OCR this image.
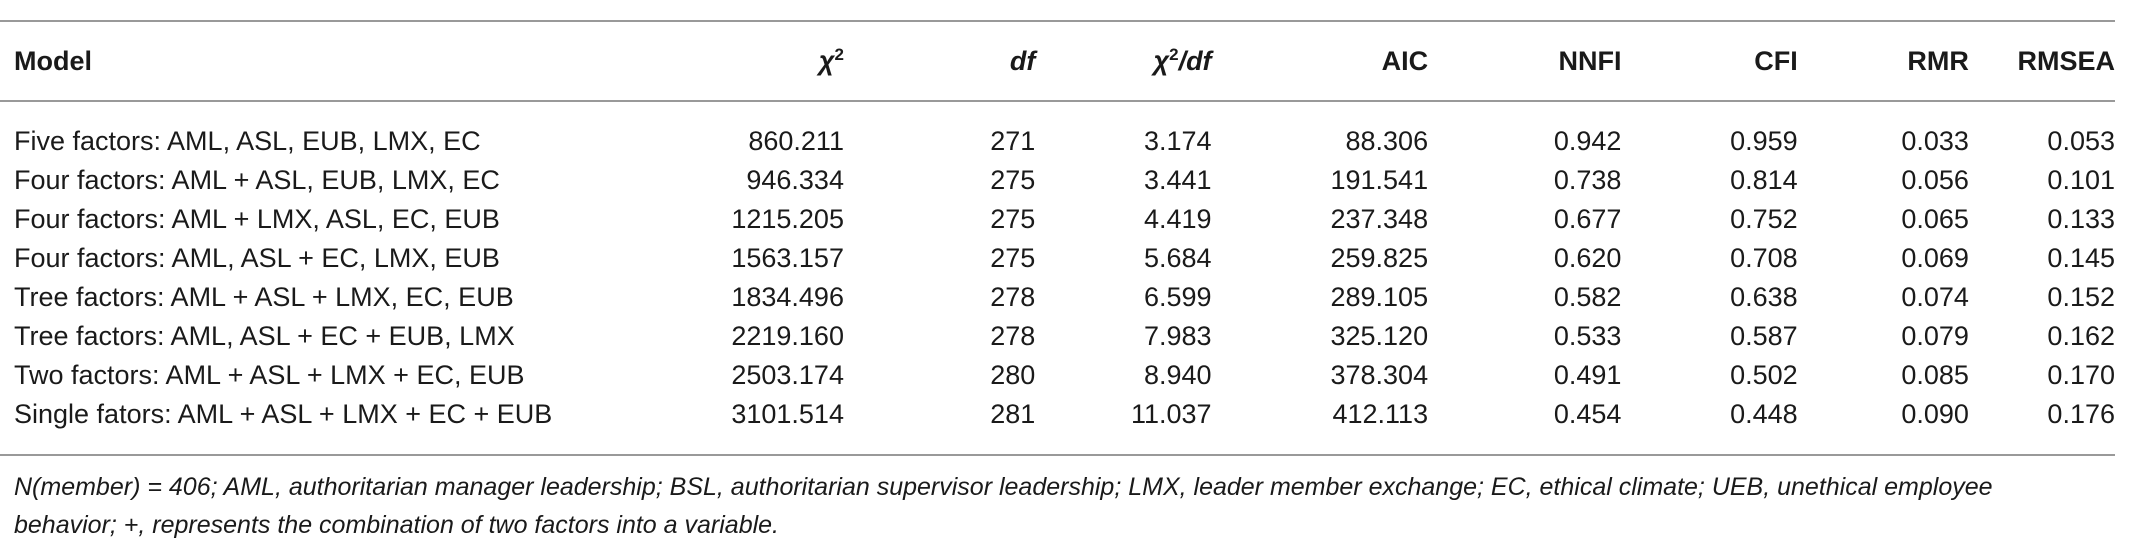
Model	$\chi^2$	df	$\chi^2/df$	AIC	NNFI	CFI	RMR	RMSEA
Five factors: AML, ASL, EUB, LMX, EC	860.211	271	3.174	88.306	0.942	0.959	0.033	0.053
Four factors: AML + ASL, EUB, LMX, EC	946.334	275	3.441	191.541	0.738	0.814	0.056	0.101
Four factors: AML + LMX, ASL, EC, EUB	1215.205	275	4.419	237.348	0.677	0.752	0.065	0.133
Four factors: AML, ASL + EC, LMX, EUB	1563.157	275	5.684	259.825	0.620	0.708	0.069	0.145
Tree factors: AML + ASL + LMX, EC, EUB	1834.496	278	6.599	289.105	0.582	0.638	0.074	0.152
Tree factors: AML, ASL + EC + EUB, LMX	2219.160	278	7.983	325.120	0.533	0.587	0.079	0.162
Two factors: AML + ASL + LMX + EC, EUB	2503.174	280	8.940	378.304	0.491	0.502	0.085	0.170
Single fators: AML + ASL + LMX + EC + EUB	3101.514	281	11.037	412.113	0.454	0.448	0.090	0.176
N(member) = 406; AML, authoritarian manager leadership; BSL, authoritarian supervisor leadership; LMX, leader member exchange; EC, ethical climate; UEB, unethical employee
behavior; +, represents the combination of two factors into a variable.
